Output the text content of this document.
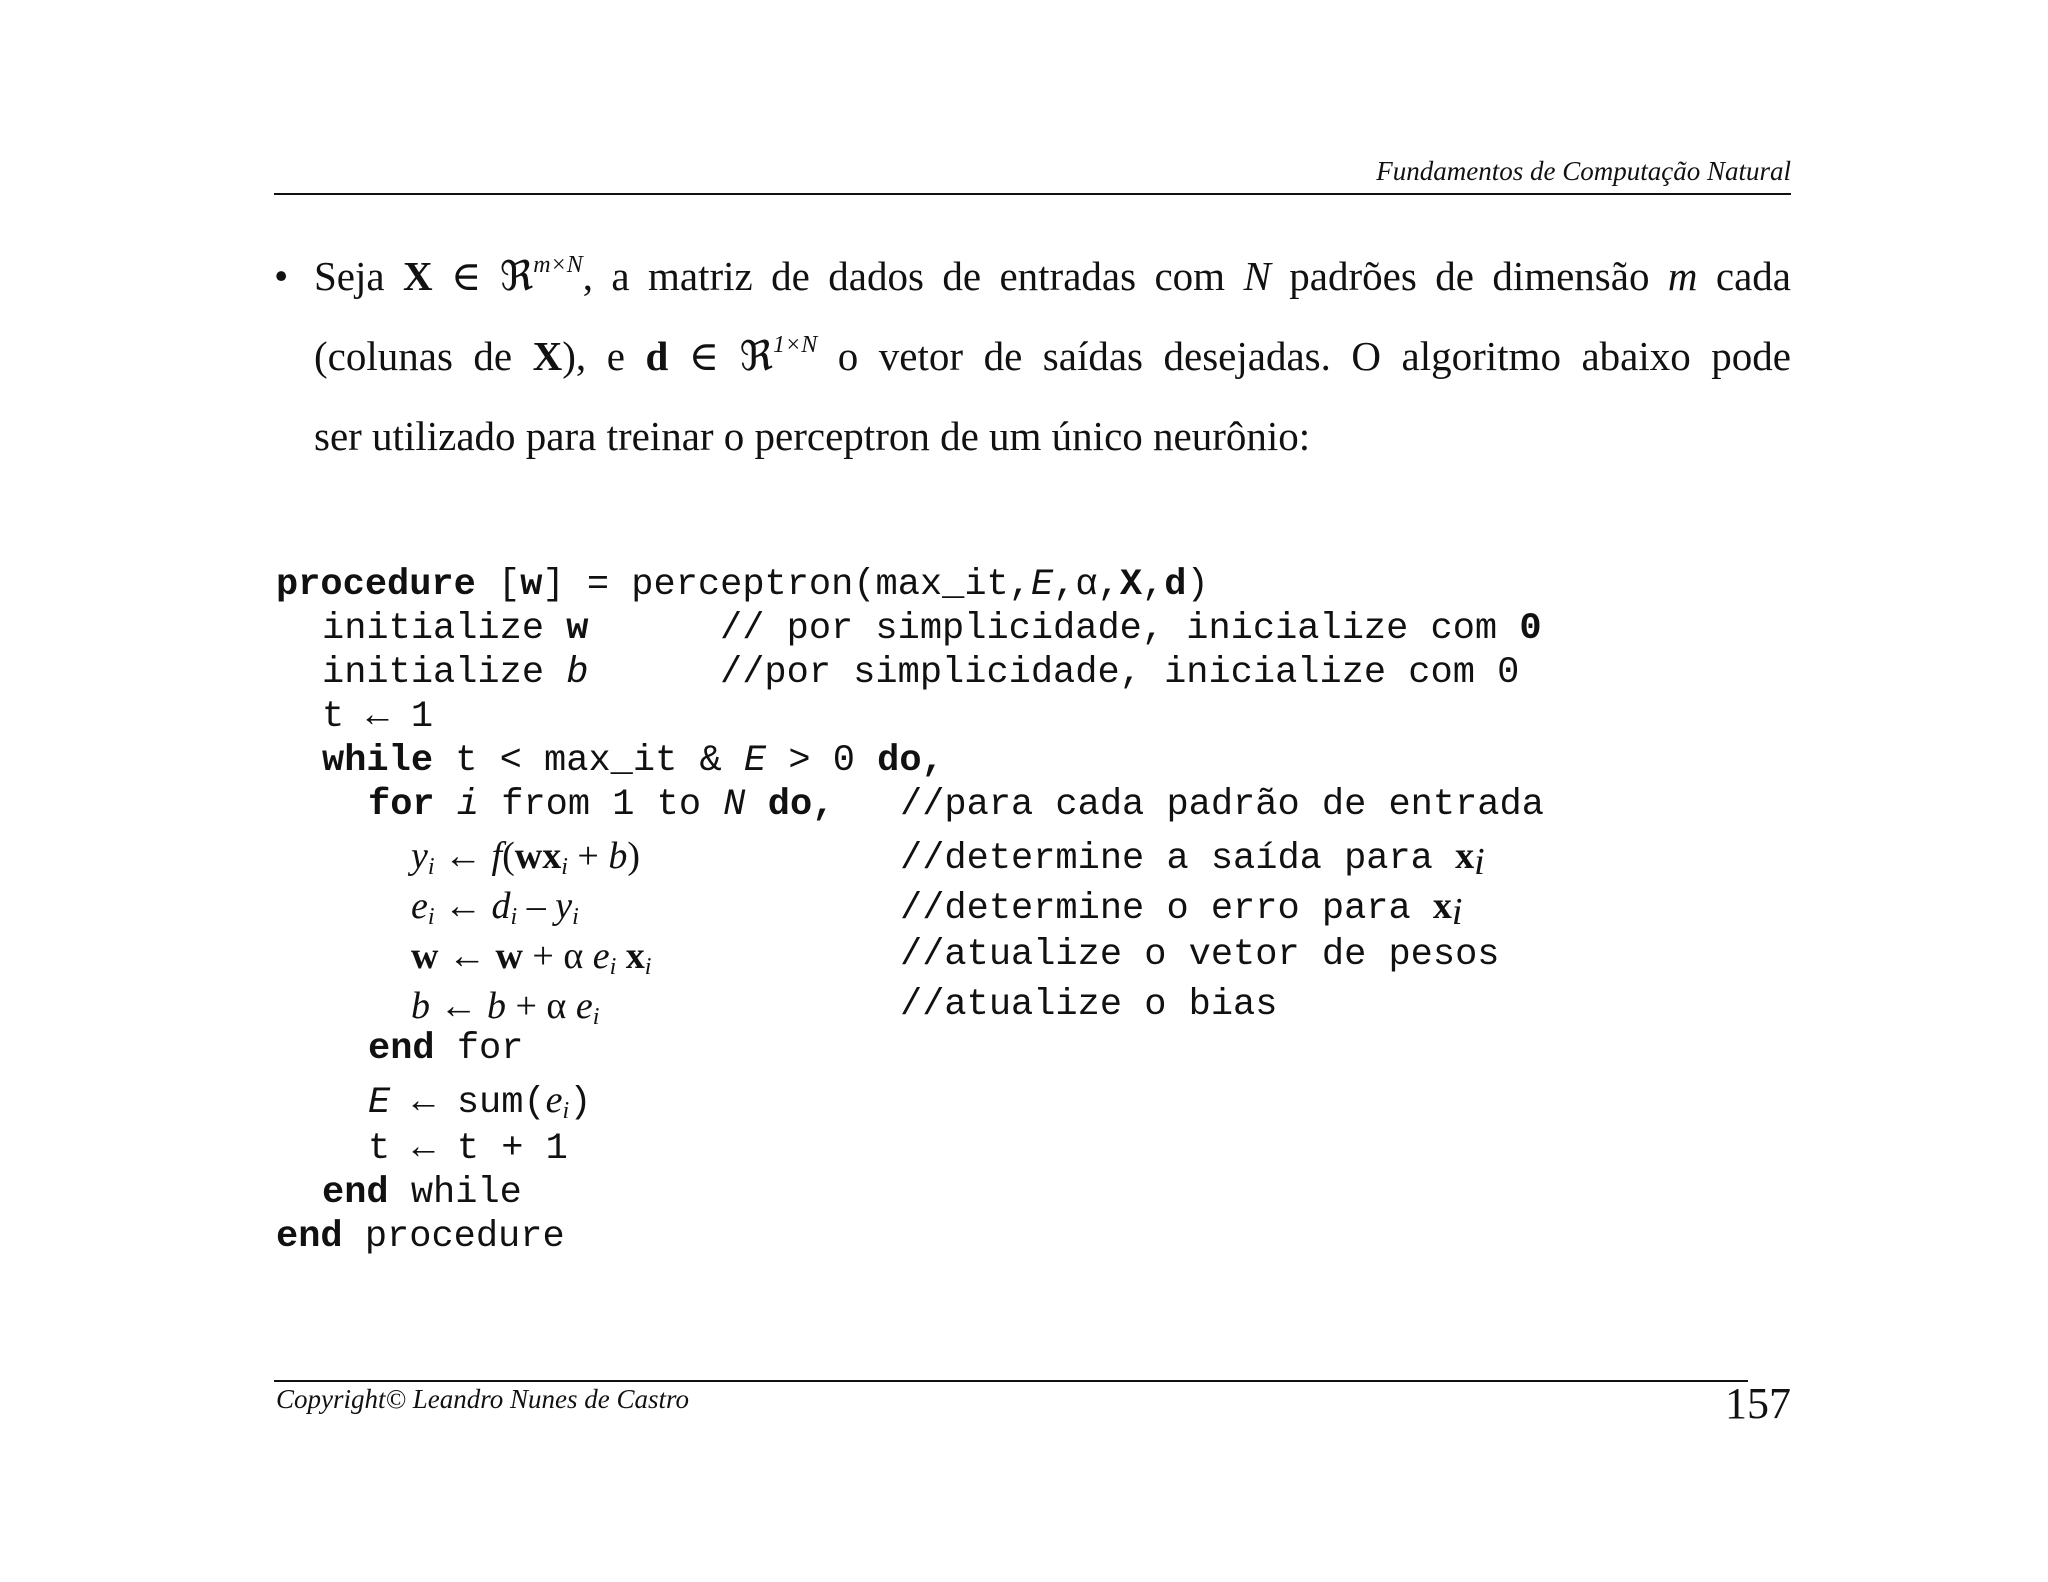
Fundamentos de Computação Natural
• Seja X ∈ ℜ$^{m\times N}$, a matriz de dados de entradas com N padrões de dimensão m cada
(colunas de X), e d ∈ ℜ$^{1\times N}$ o vetor de saídas desejadas. O algoritmo abaixo pode
ser utilizado para treinar o perceptron de um único neurônio:
procedure [w] = perceptron(max_it,E,α,X,d)
initialize w	// por simplicidade, inicialize com 0
initialize b	//por simplicidade, inicialize com 0
t ← 1
while t < max_it & E > 0 do,
for i from 1 to N do, //para cada padrão de entrada
$y_i$ ← $f(wx_i + b)$	//determine a saída para $x_i$
$e_i$ ← $d_i - y_i$	//determine o erro para $x_i$
w ← w + α $e_i$ $x_i$	//atualize o vetor de pesos
b ← b + α $e_i$	//atualize o bias
end for
E ← $sum(e_i)$
t ← t + 1
end while
end procedure
Copyright© Leandro Nunes de Castro	157
